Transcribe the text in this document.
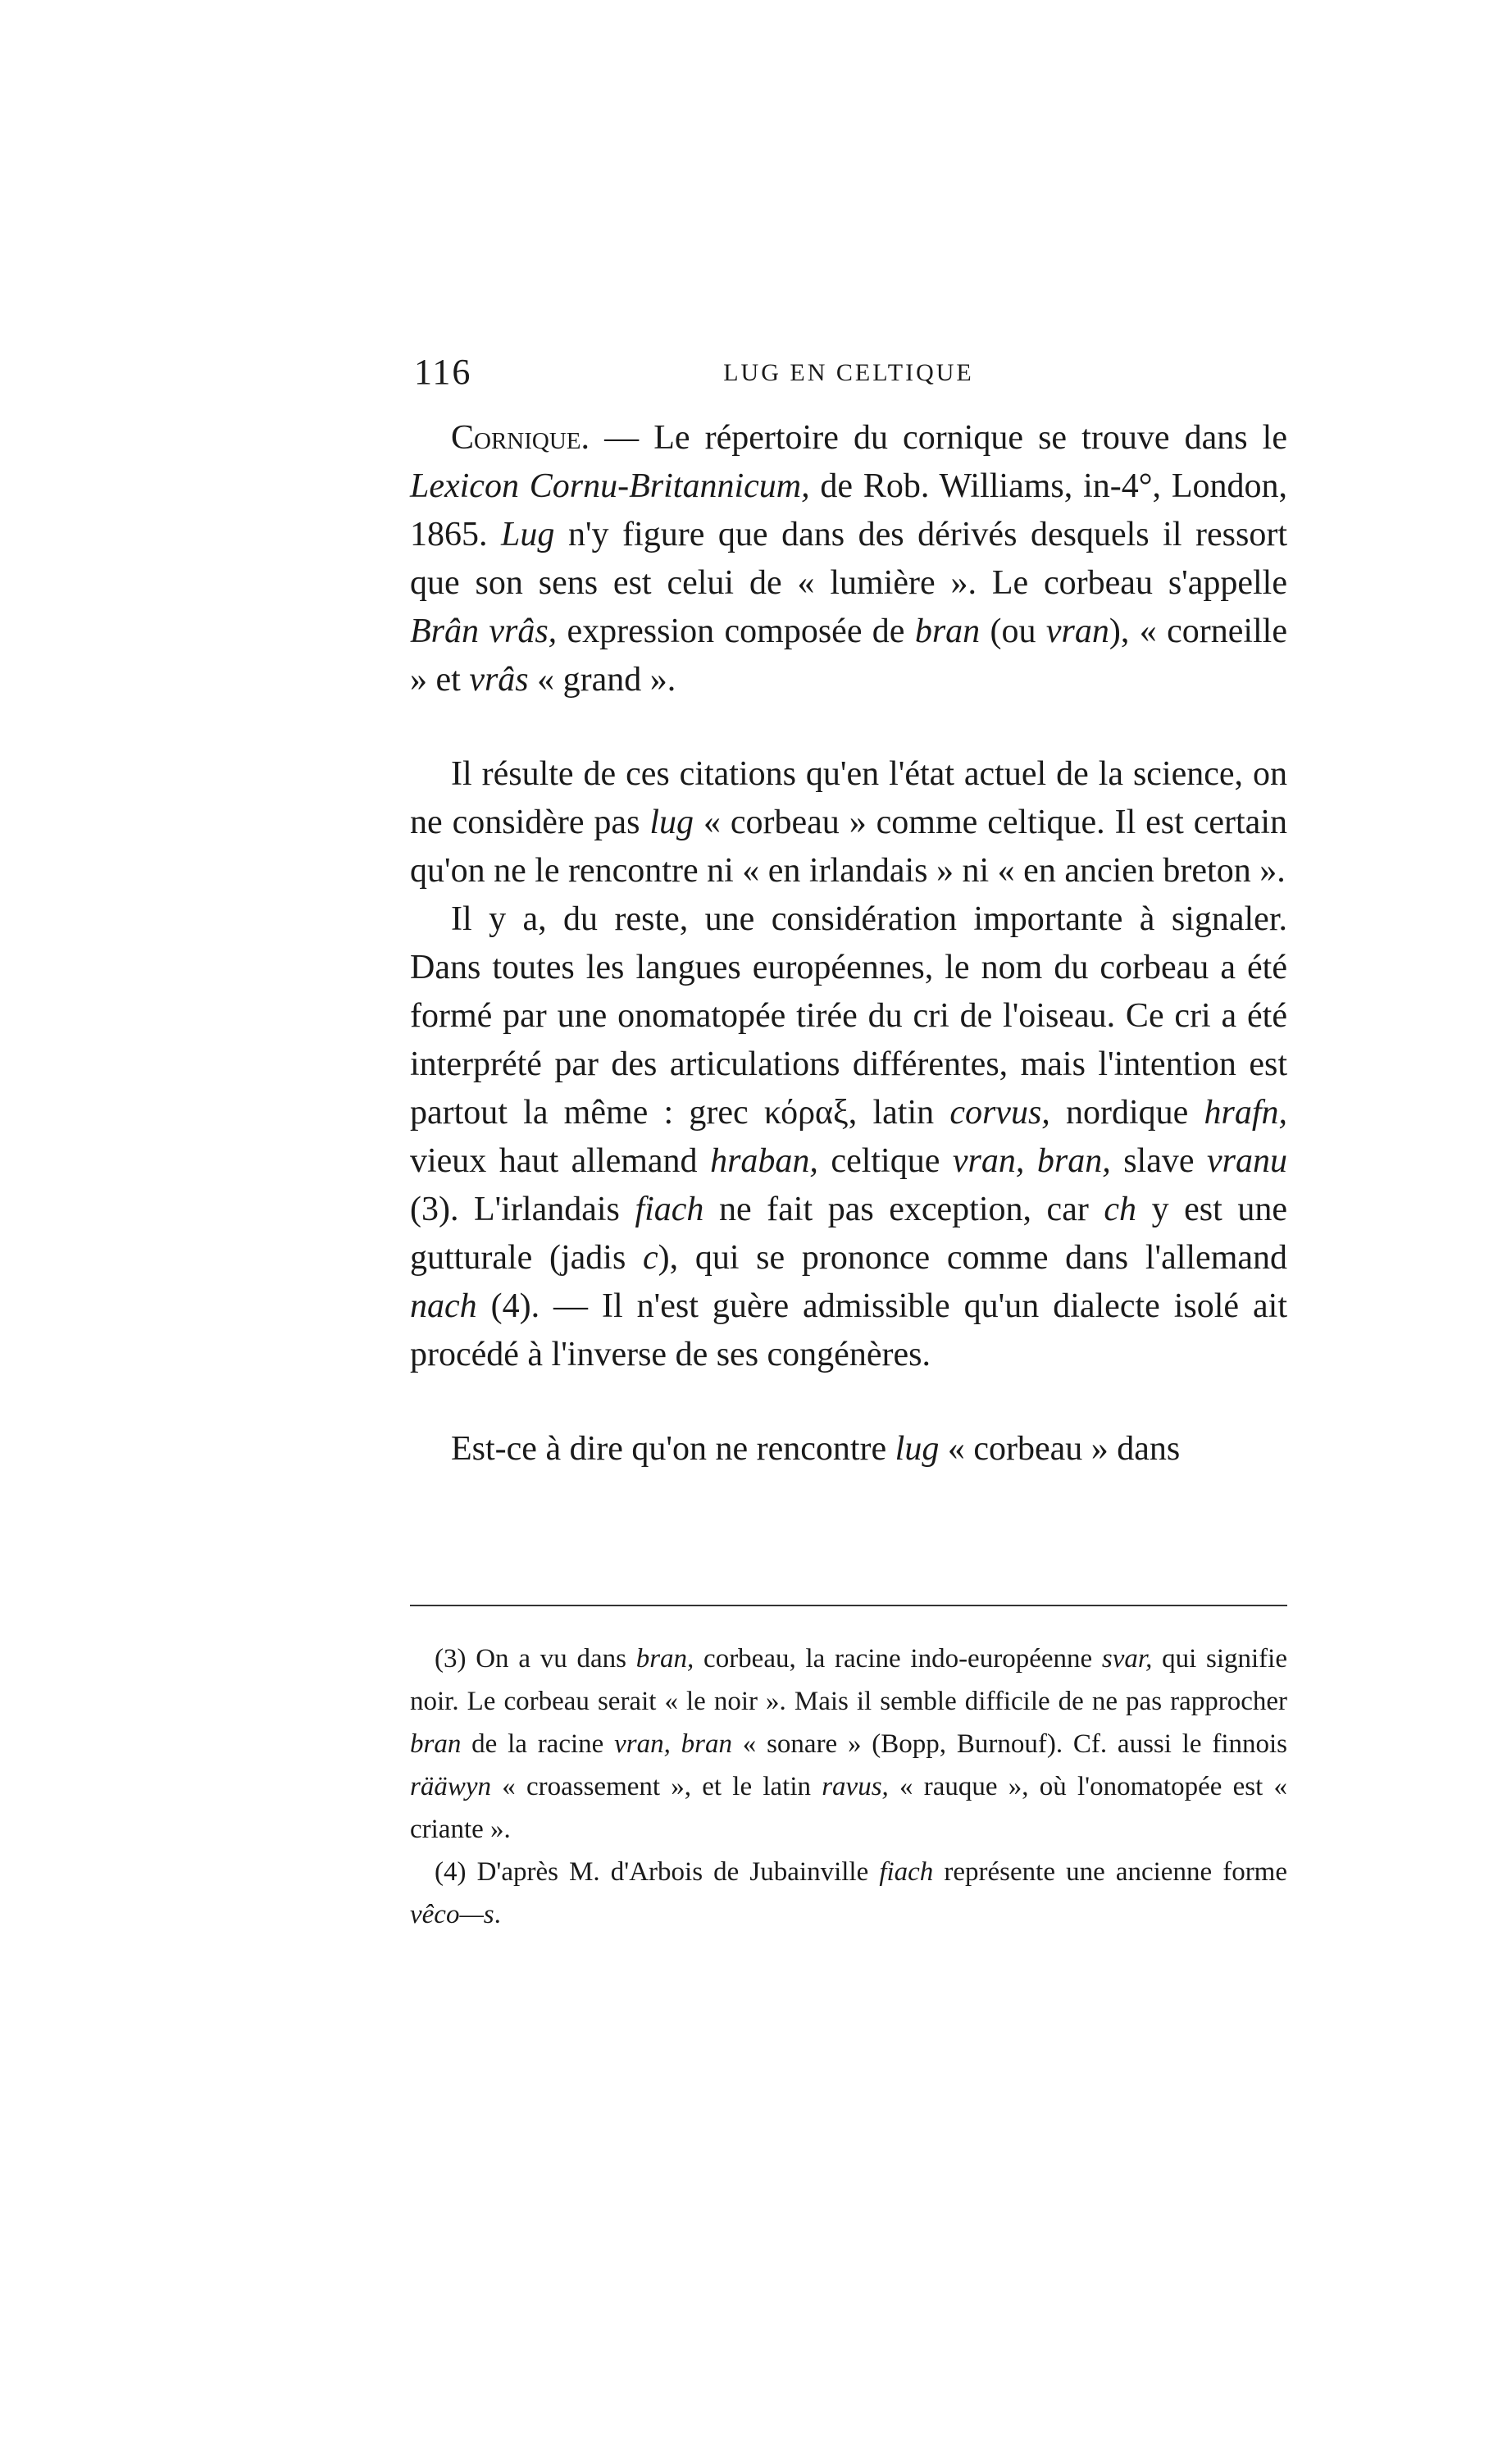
116	LUG EN CELTIQUE

Cornique. — Le répertoire du cornique se trouve dans le Lexicon Cornu-Britannicum, de Rob. Williams, in-4°, London, 1865. Lug n'y figure que dans des dérivés desquels il ressort que son sens est celui de « lumière ». Le corbeau s'appelle Brân vrâs, expression composée de bran (ou vran), « corneille » et vrâs « grand ».

Il résulte de ces citations qu'en l'état actuel de la science, on ne considère pas lug « corbeau » comme celtique. Il est certain qu'on ne le rencontre ni « en irlandais » ni « en ancien breton ».

Il y a, du reste, une considération importante à signaler. Dans toutes les langues européennes, le nom du corbeau a été formé par une onomatopée tirée du cri de l'oiseau. Ce cri a été interprété par des articulations différentes, mais l'intention est partout la même : grec κόραξ, latin corvus, nordique hrafn, vieux haut allemand hraban, celtique vran, bran, slave vranu (3). L'irlandais fiach ne fait pas exception, car ch y est une gutturale (jadis c), qui se prononce comme dans l'allemand nach (4). — Il n'est guère admissible qu'un dialecte isolé ait procédé à l'inverse de ses congénères.

Est-ce à dire qu'on ne rencontre lug « corbeau » dans

(3) On a vu dans bran, corbeau, la racine indo-européenne svar, qui signifie noir. Le corbeau serait « le noir ». Mais il semble difficile de ne pas rapprocher bran de la racine vran, bran « sonare » (Bopp, Burnouf). Cf. aussi le finnois rääwyn « croassement », et le latin ravus, « rauque », où l'onomatopée est « criante ».

(4) D'après M. d'Arbois de Jubainville fiach représente une ancienne forme vêco—s.
